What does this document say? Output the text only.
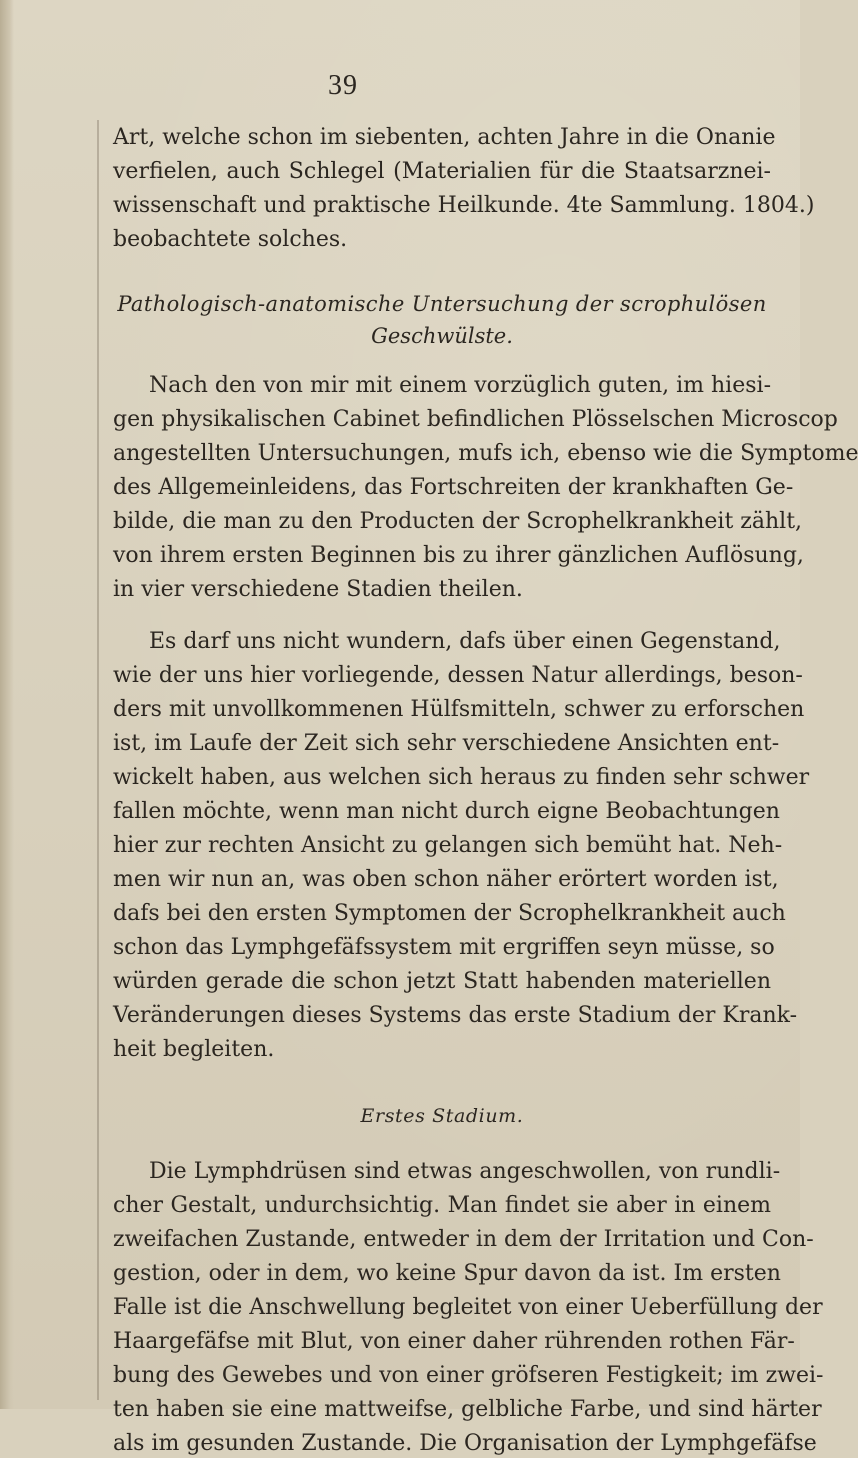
39
Art, welche schon im siebenten, achten Jahre in die Onanie
verfielen, auch Schlegel (Materialien für die Staatsarznei-
wissenschaft und praktische Heilkunde. 4te Sammlung. 1804.)
beobachtete solches.
Pathologisch-anatomische Untersuchung der scrophulösen
Geschwülste.
Nach den von mir mit einem vorzüglich guten, im hiesi-
gen physikalischen Cabinet befindlichen Plösselschen Microscop
angestellten Untersuchungen, mufs ich, ebenso wie die Symptome
des Allgemeinleidens, das Fortschreiten der krankhaften Ge-
bilde, die man zu den Producten der Scrophelkrankheit zählt,
von ihrem ersten Beginnen bis zu ihrer gänzlichen Auflösung,
in vier verschiedene Stadien theilen.
Es darf uns nicht wundern, dafs über einen Gegenstand,
wie der uns hier vorliegende, dessen Natur allerdings, beson-
ders mit unvollkommenen Hülfsmitteln, schwer zu erforschen
ist, im Laufe der Zeit sich sehr verschiedene Ansichten ent-
wickelt haben, aus welchen sich heraus zu finden sehr schwer
fallen möchte, wenn man nicht durch eigne Beobachtungen
hier zur rechten Ansicht zu gelangen sich bemüht hat. Neh-
men wir nun an, was oben schon näher erörtert worden ist,
dafs bei den ersten Symptomen der Scrophelkrankheit auch
schon das Lymphgefäfssystem mit ergriffen seyn müsse, so
würden gerade die schon jetzt Statt habenden materiellen
Veränderungen dieses Systems das erste Stadium der Krank-
heit begleiten.
Erstes Stadium.
Die Lymphdrüsen sind etwas angeschwollen, von rundli-
cher Gestalt, undurchsichtig. Man findet sie aber in einem
zweifachen Zustande, entweder in dem der Irritation und Con-
gestion, oder in dem, wo keine Spur davon da ist. Im ersten
Falle ist die Anschwellung begleitet von einer Ueberfüllung der
Haargefäfse mit Blut, von einer daher rührenden rothen Fär-
bung des Gewebes und von einer gröfseren Festigkeit; im zwei-
ten haben sie eine mattweifse, gelbliche Farbe, und sind härter
als im gesunden Zustande. Die Organisation der Lymphgefäfse
